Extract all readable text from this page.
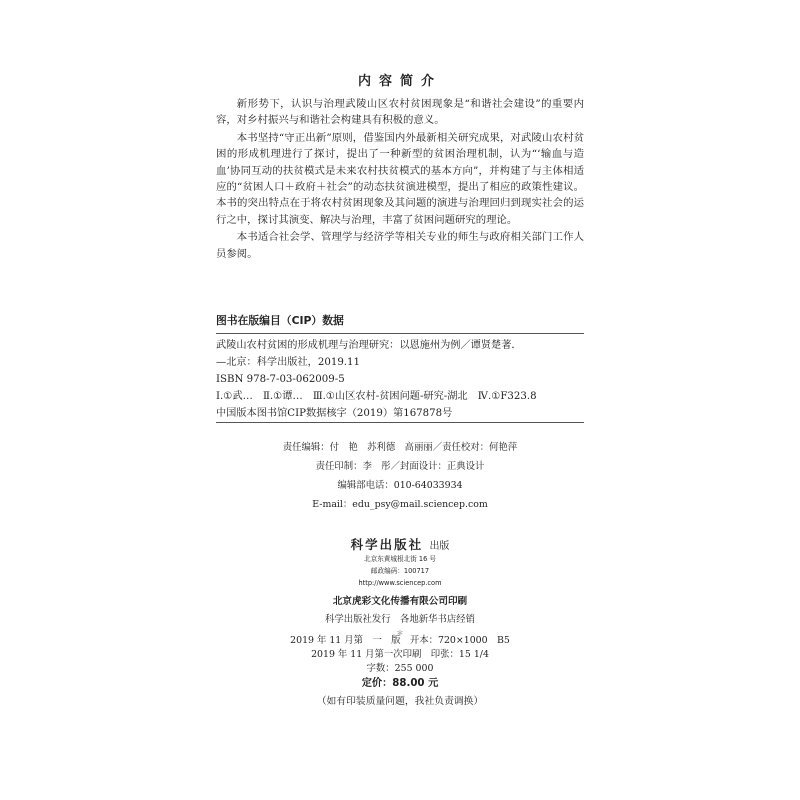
内容简介

新形势下，认识与治理武陵山区农村贫困现象是“和谐社会建设”的重要内容，对乡村振兴与和谐社会构建具有积极的意义。

本书坚持“守正出新”原则，借鉴国内外最新相关研究成果，对武陵山农村贫困的形成机理进行了探讨，提出了一种新型的贫困治理机制，认为“‘输血与造血’协同互动的扶贫模式是未来农村扶贫模式的基本方向”，并构建了与主体相适应的“贫困人口＋政府＋社会”的动态扶贫演进模型，提出了相应的政策性建议。本书的突出特点在于将农村贫困现象及其问题的演进与治理回归到现实社会的运行之中，探讨其演变、解决与治理，丰富了贫困问题研究的理论。

本书适合社会学、管理学与经济学等相关专业的师生与政府相关部门工作人员参阅。

图书在版编目（CIP）数据
武陵山农村贫困的形成机理与治理研究：以恩施州为例／谭贤楚著．
—北京：科学出版社，2019.11
ISBN 978-7-03-062009-5
Ⅰ.①武…　Ⅱ.①谭…　Ⅲ.①山区农村-贫困问题-研究-湖北　Ⅳ.①F323.8
中国版本图书馆CIP数据核字（2019）第167878号
责任编辑：付　艳　苏利德　高丽丽／责任校对：何艳萍
责任印制：李　彤／封面设计：正典设计
编辑部电话：010-64033934
E-mail：edu_psy@mail.sciencep.com
科学出版社 出版
北京东黄城根北街 16 号
邮政编码：100717
http://www.sciencep.com
北京虎彩文化传播有限公司印刷
科学出版社发行　各地新华书店经销
＊
2019 年 11 月第　一　版　开本：720×1000　B5
2019 年 11 月第一次印刷　印张：15 1/4
字数：255 000
定价：88.00 元
（如有印装质量问题，我社负责调换）
